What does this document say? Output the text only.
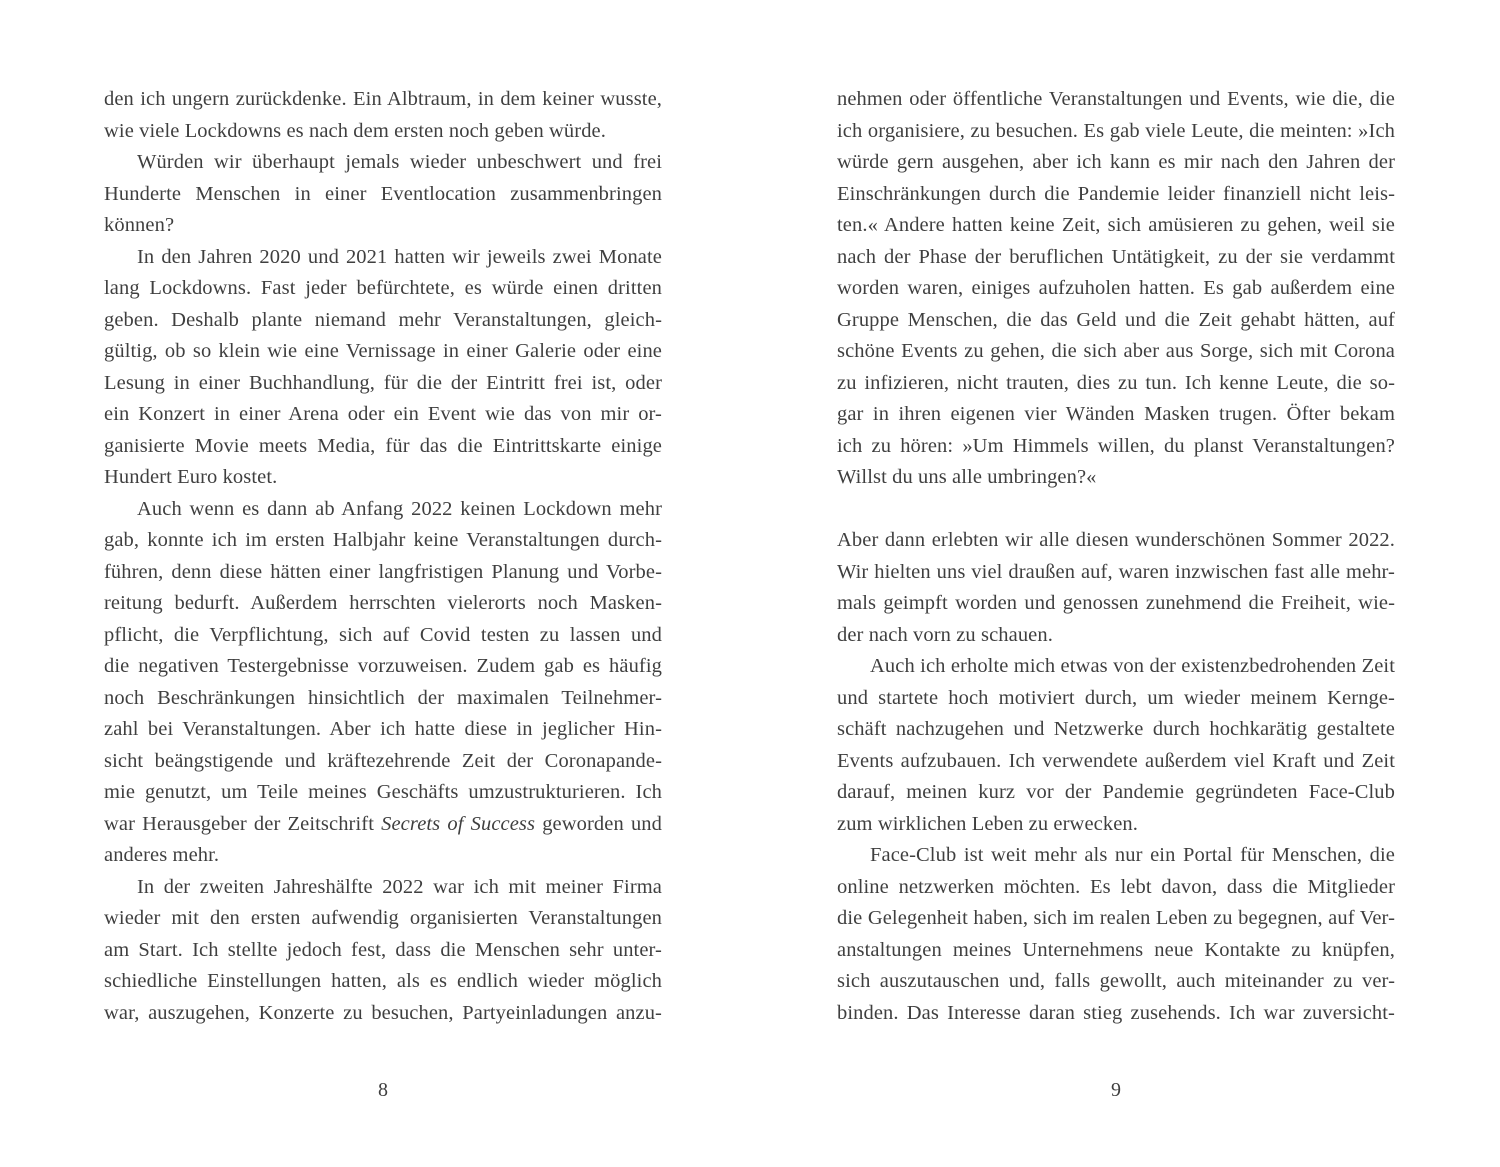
den ich ungern zurückdenke. Ein Albtraum, in dem keiner wusste,
wie viele Lockdowns es nach dem ersten noch geben würde.
Würden wir überhaupt jemals wieder unbeschwert und frei
Hunderte Menschen in einer Eventlocation zusammenbringen
können?
In den Jahren 2020 und 2021 hatten wir jeweils zwei Monate
lang Lockdowns. Fast jeder befürchtete, es würde einen dritten
geben. Deshalb plante niemand mehr Veranstaltungen, gleich-
gültig, ob so klein wie eine Vernissage in einer Galerie oder eine
Lesung in einer Buchhandlung, für die der Eintritt frei ist, oder
ein Konzert in einer Arena oder ein Event wie das von mir or-
ganisierte Movie meets Media, für das die Eintrittskarte einige
Hundert Euro kostet.
Auch wenn es dann ab Anfang 2022 keinen Lockdown mehr
gab, konnte ich im ersten Halbjahr keine Veranstaltungen durch-
führen, denn diese hätten einer langfristigen Planung und Vorbe-
reitung bedurft. Außerdem herrschten vielerorts noch Masken-
pflicht, die Verpflichtung, sich auf Covid testen zu lassen und
die negativen Testergebnisse vorzuweisen. Zudem gab es häufig
noch Beschränkungen hinsichtlich der maximalen Teilnehmer-
zahl bei Veranstaltungen. Aber ich hatte diese in jeglicher Hin-
sicht beängstigende und kräftezehrende Zeit der Coronapande-
mie genutzt, um Teile meines Geschäfts umzustrukturieren. Ich
war Herausgeber der Zeitschrift Secrets of Success geworden und
anderes mehr.
In der zweiten Jahreshälfte 2022 war ich mit meiner Firma
wieder mit den ersten aufwendig organisierten Veranstaltungen
am Start. Ich stellte jedoch fest, dass die Menschen sehr unter-
schiedliche Einstellungen hatten, als es endlich wieder möglich
war, auszugehen, Konzerte zu besuchen, Partyeinladungen anzu-
nehmen oder öffentliche Veranstaltungen und Events, wie die, die
ich organisiere, zu besuchen. Es gab viele Leute, die meinten: »Ich
würde gern ausgehen, aber ich kann es mir nach den Jahren der
Einschränkungen durch die Pandemie leider finanziell nicht leis-
ten.« Andere hatten keine Zeit, sich amüsieren zu gehen, weil sie
nach der Phase der beruflichen Untätigkeit, zu der sie verdammt
worden waren, einiges aufzuholen hatten. Es gab außerdem eine
Gruppe Menschen, die das Geld und die Zeit gehabt hätten, auf
schöne Events zu gehen, die sich aber aus Sorge, sich mit Corona
zu infizieren, nicht trauten, dies zu tun. Ich kenne Leute, die so-
gar in ihren eigenen vier Wänden Masken trugen. Öfter bekam
ich zu hören: »Um Himmels willen, du planst Veranstaltungen?
Willst du uns alle umbringen?«
Aber dann erlebten wir alle diesen wunderschönen Sommer 2022.
Wir hielten uns viel draußen auf, waren inzwischen fast alle mehr-
mals geimpft worden und genossen zunehmend die Freiheit, wie-
der nach vorn zu schauen.
Auch ich erholte mich etwas von der existenzbedrohenden Zeit
und startete hoch motiviert durch, um wieder meinem Kernge-
schäft nachzugehen und Netzwerke durch hochkarätig gestaltete
Events aufzubauen. Ich verwendete außerdem viel Kraft und Zeit
darauf, meinen kurz vor der Pandemie gegründeten Face-Club
zum wirklichen Leben zu erwecken.
Face-Club ist weit mehr als nur ein Portal für Menschen, die
online netzwerken möchten. Es lebt davon, dass die Mitglieder
die Gelegenheit haben, sich im realen Leben zu begegnen, auf Ver-
anstaltungen meines Unternehmens neue Kontakte zu knüpfen,
sich auszutauschen und, falls gewollt, auch miteinander zu ver-
binden. Das Interesse daran stieg zusehends. Ich war zuversicht-
8	9
